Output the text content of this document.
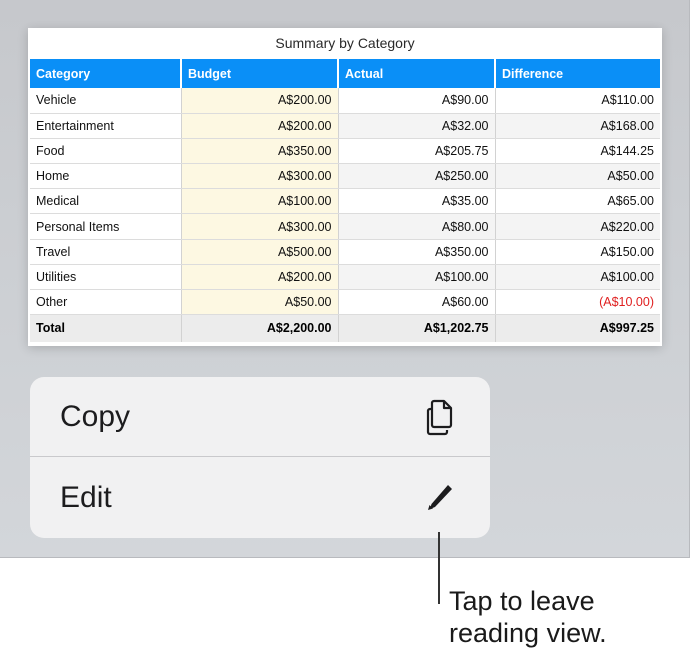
Summary by Category
Category	Budget	Actual	Difference
Vehicle	A$200.00	A$90.00	A$110.00
Entertainment	A$200.00	A$32.00	A$168.00
Food	A$350.00	A$205.75	A$144.25
Home	A$300.00	A$250.00	A$50.00
Medical	A$100.00	A$35.00	A$65.00
Personal Items	A$300.00	A$80.00	A$220.00
Travel	A$500.00	A$350.00	A$150.00
Utilities	A$200.00	A$100.00	A$100.00
Other	A$50.00	A$60.00	(A$10.00)
Total	A$2,200.00	A$1,202.75	A$997.25
Copy
Edit
Tap to leave
reading view.
